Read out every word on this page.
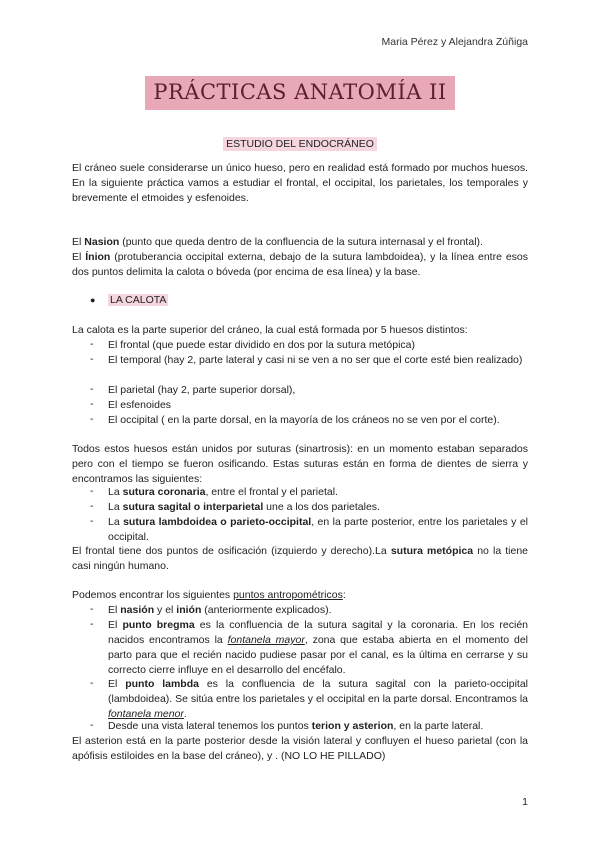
Maria Pérez y Alejandra Zúñiga
PRÁCTICAS ANATOMÍA II
ESTUDIO DEL ENDOCRÁNEO
El cráneo suele considerarse un único hueso, pero en realidad está formado por muchos huesos. En la siguiente práctica vamos a estudiar el frontal, el occipital, los parietales, los temporales y brevemente el etmoides y esfenoides.
El Nasion (punto que queda dentro de la confluencia de la sutura internasal y el frontal).
El Ínion (protuberancia occipital externa, debajo de la sutura lambdoidea), y la línea entre esos dos puntos delimita la calota o bóveda (por encima de esa línea) y la base.
● LA CALOTA
La calota es la parte superior del cráneo, la cual está formada por 5 huesos distintos:
- El frontal (que puede estar dividido en dos por la sutura metópica)
- El temporal (hay 2, parte lateral y casi ni se ven a no ser que el corte esté bien realizado)
- El parietal (hay 2, parte superior dorsal),
- El esfenoides
- El occipital ( en la parte dorsal, en la mayoría de los cráneos no se ven por el corte).
Todos estos huesos están unidos por suturas (sinartrosis): en un momento estaban separados pero con el tiempo se fueron osificando. Estas suturas están en forma de dientes de sierra y encontramos las siguientes:
- La sutura coronaria, entre el frontal y el parietal.
- La sutura sagital o interparietal une a los dos parietales.
- La sutura lambdoidea o parieto-occipital, en la parte posterior, entre los parietales y el occipital.
El frontal tiene dos puntos de osificación (izquierdo y derecho).La sutura metópica no la tiene casi ningún humano.
Podemos encontrar los siguientes puntos antropométricos:
- El nasión y el inión (anteriormente explicados).
- El punto bregma es la confluencia de la sutura sagital y la coronaria. En los recién nacidos encontramos la fontanela mayor, zona que estaba abierta en el momento del parto para que el recién nacido pudiese pasar por el canal, es la última en cerrarse y su correcto cierre influye en el desarrollo del encéfalo.
- El punto lambda es la confluencia de la sutura sagital con la parieto-occipital (lambdoidea). Se sitúa entre los parietales y el occipital en la parte dorsal. Encontramos la fontanela menor.
- Desde una vista lateral tenemos los puntos terion y asterion, en la parte lateral.
El asterion está en la parte posterior desde la visión lateral y confluyen el hueso parietal (con la apófisis estiloides en la base del cráneo), y . (NO LO HE PILLADO)
1
